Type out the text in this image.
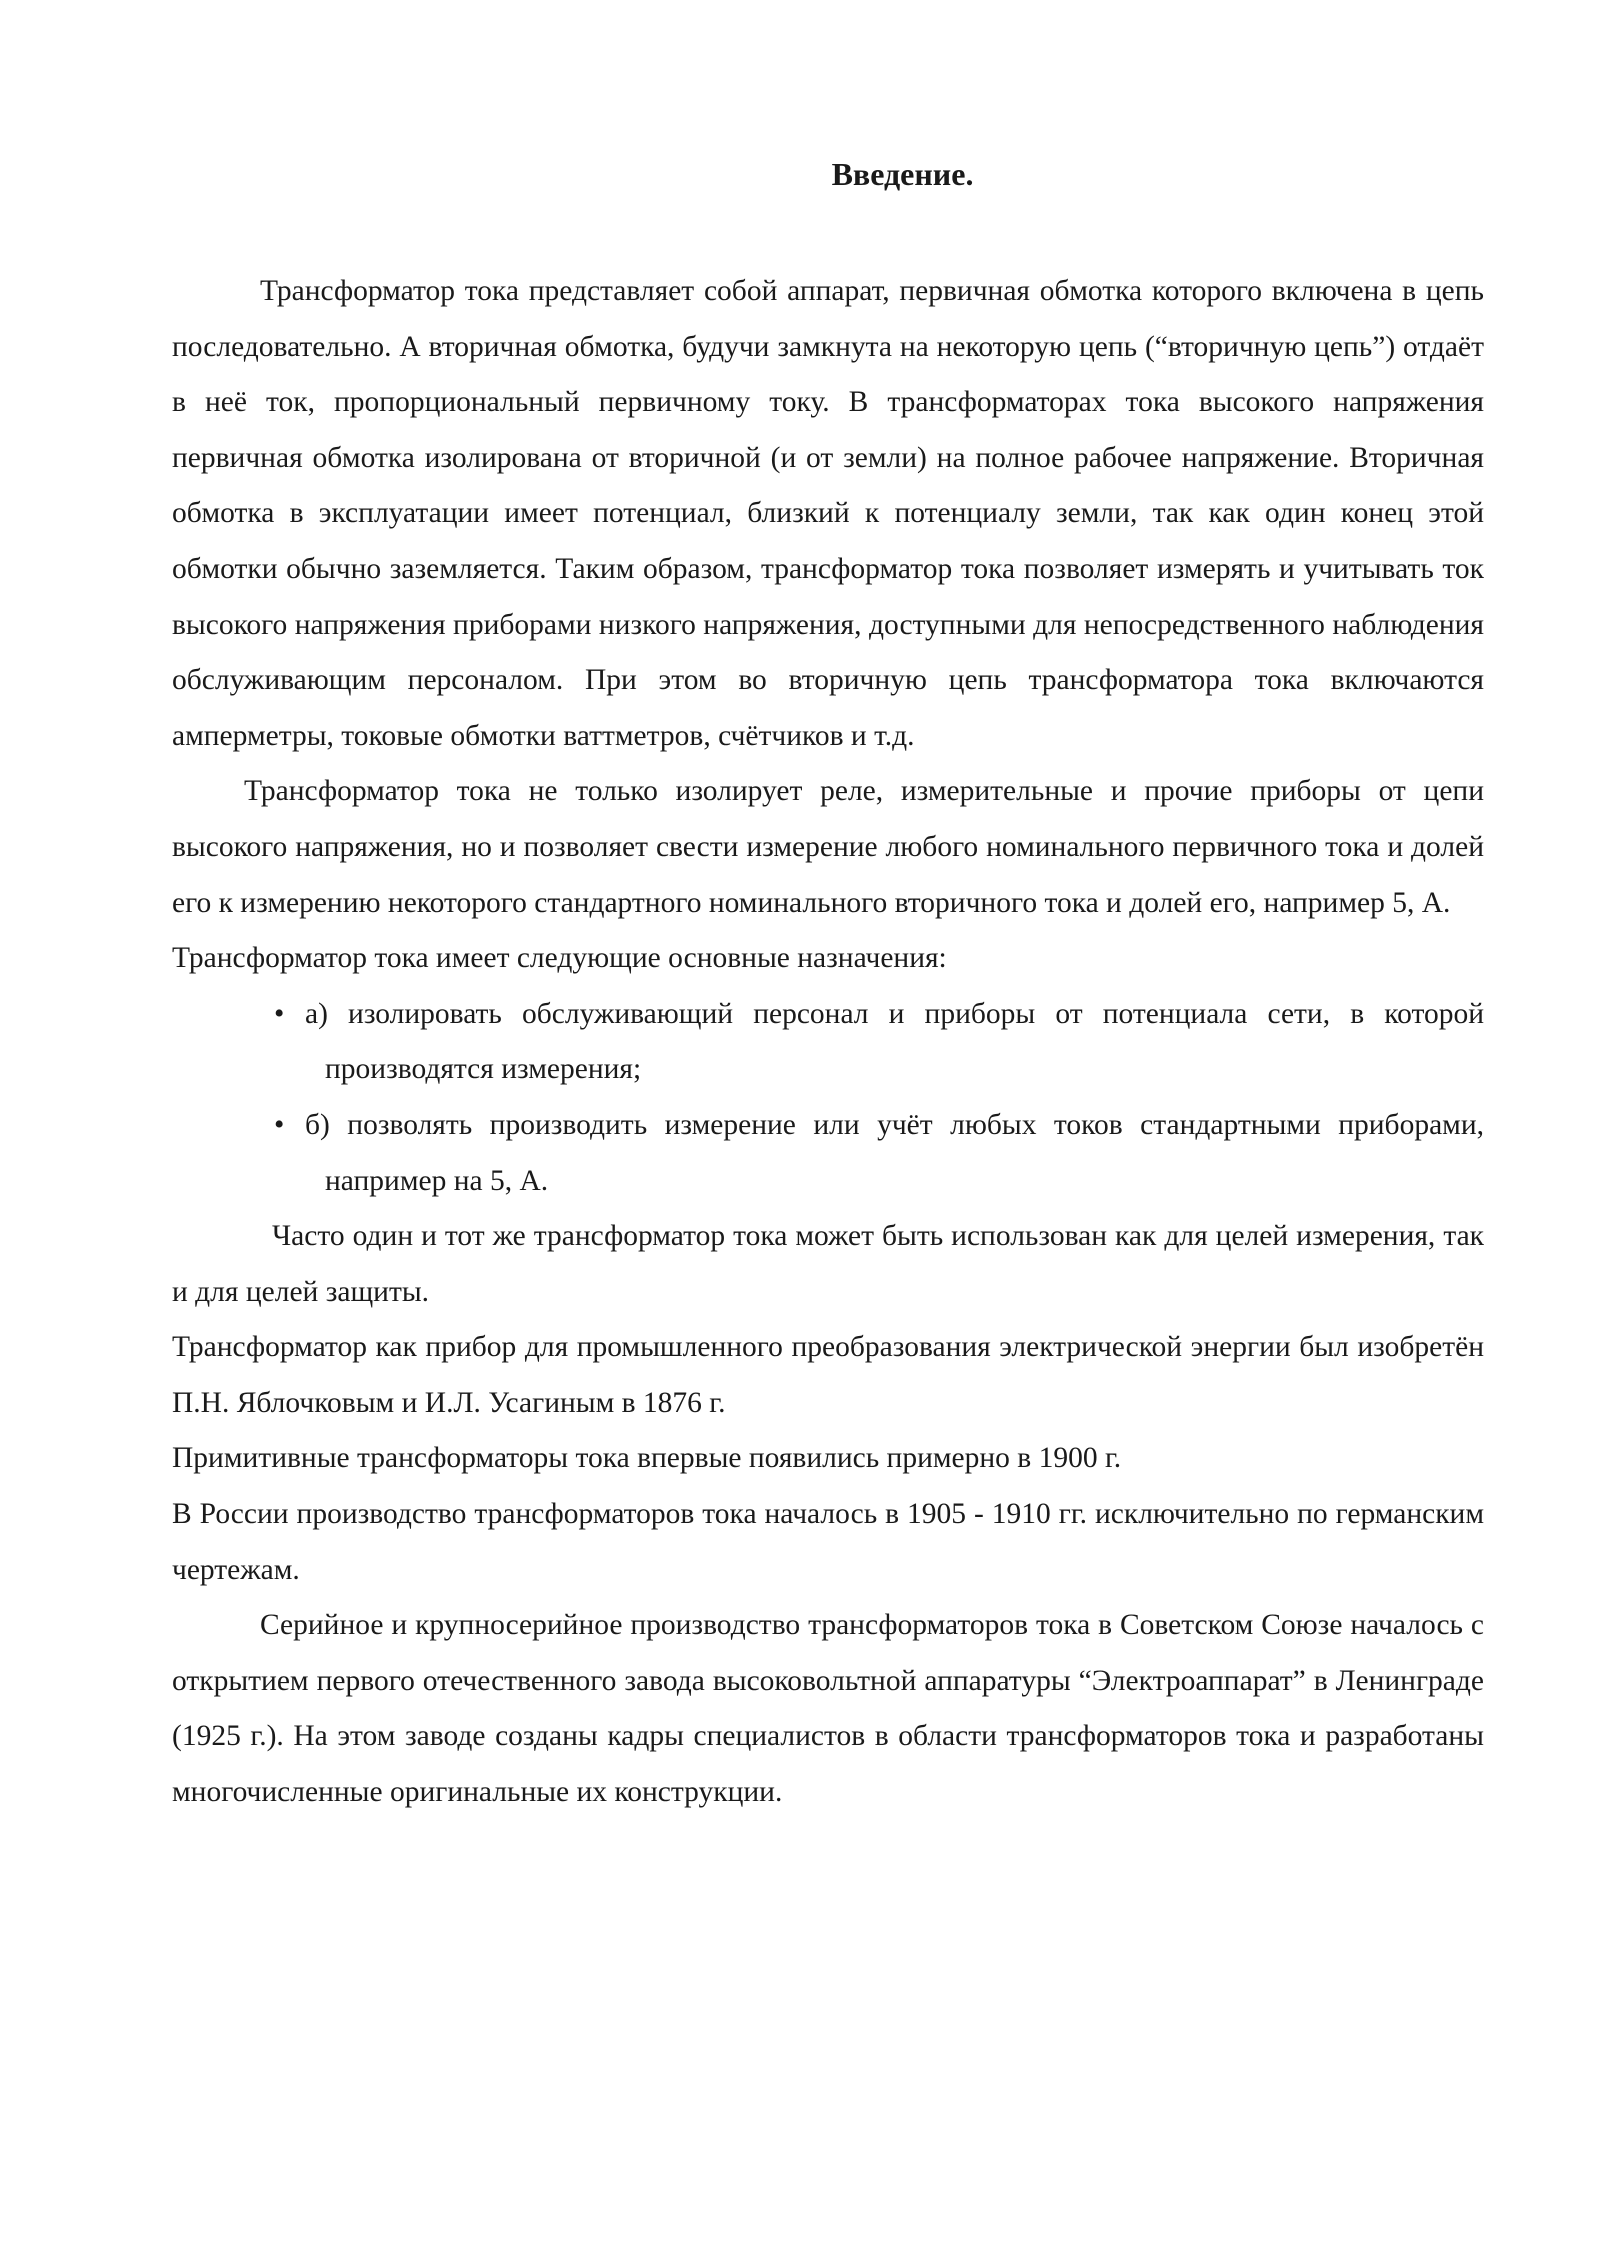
Введение.

Трансформатор тока представляет собой аппарат, первичная обмотка которого включена в цепь последовательно. А вторичная обмотка, будучи замкнута на некоторую цепь (“вторичную цепь”) отдаёт в неё ток, пропорциональный первичному току. В трансформаторах тока высокого напряжения первичная обмотка изолирована от вторичной (и от земли) на полное рабочее напряжение. Вторичная обмотка в эксплуатации имеет потенциал, близкий к потенциалу земли, так как один конец этой обмотки обычно заземляется. Таким образом, трансформатор тока позволяет измерять и учитывать ток высокого напряжения приборами низкого напряжения, доступными для непосредственного наблюдения обслуживающим персоналом. При этом во вторичную цепь трансформатора тока включаются амперметры, токовые обмотки ваттметров, счётчиков и т.д.

Трансформатор тока не только изолирует реле, измерительные и прочие приборы от цепи высокого напряжения, но и позволяет свести измерение любого номинального первичного тока и долей его к измерению некоторого стандартного номинального вторичного тока и долей его, например 5, А.

Трансформатор тока имеет следующие основные назначения:

• а) изолировать обслуживающий персонал и приборы от потенциала сети, в которой производятся измерения;
• б) позволять производить измерение или учёт любых токов стандартными приборами, например на 5, А.

Часто один и тот же трансформатор тока может быть использован как для целей измерения, так и для целей защиты.

Трансформатор как прибор для промышленного преобразования электрической энергии был изобретён П.Н. Яблочковым и И.Л. Усагиным в 1876 г.

Примитивные трансформаторы тока впервые появились примерно в 1900 г.

В России производство трансформаторов тока началось в 1905 - 1910 гг. исключительно по германским чертежам.

Серийное и крупносерийное производство трансформаторов тока в Советском Союзе началось с открытием первого отечественного завода высоковольтной аппаратуры “Электроаппарат” в Ленинграде (1925 г.). На этом заводе созданы кадры специалистов в области трансформаторов тока и разработаны многочисленные оригинальные их конструкции.
